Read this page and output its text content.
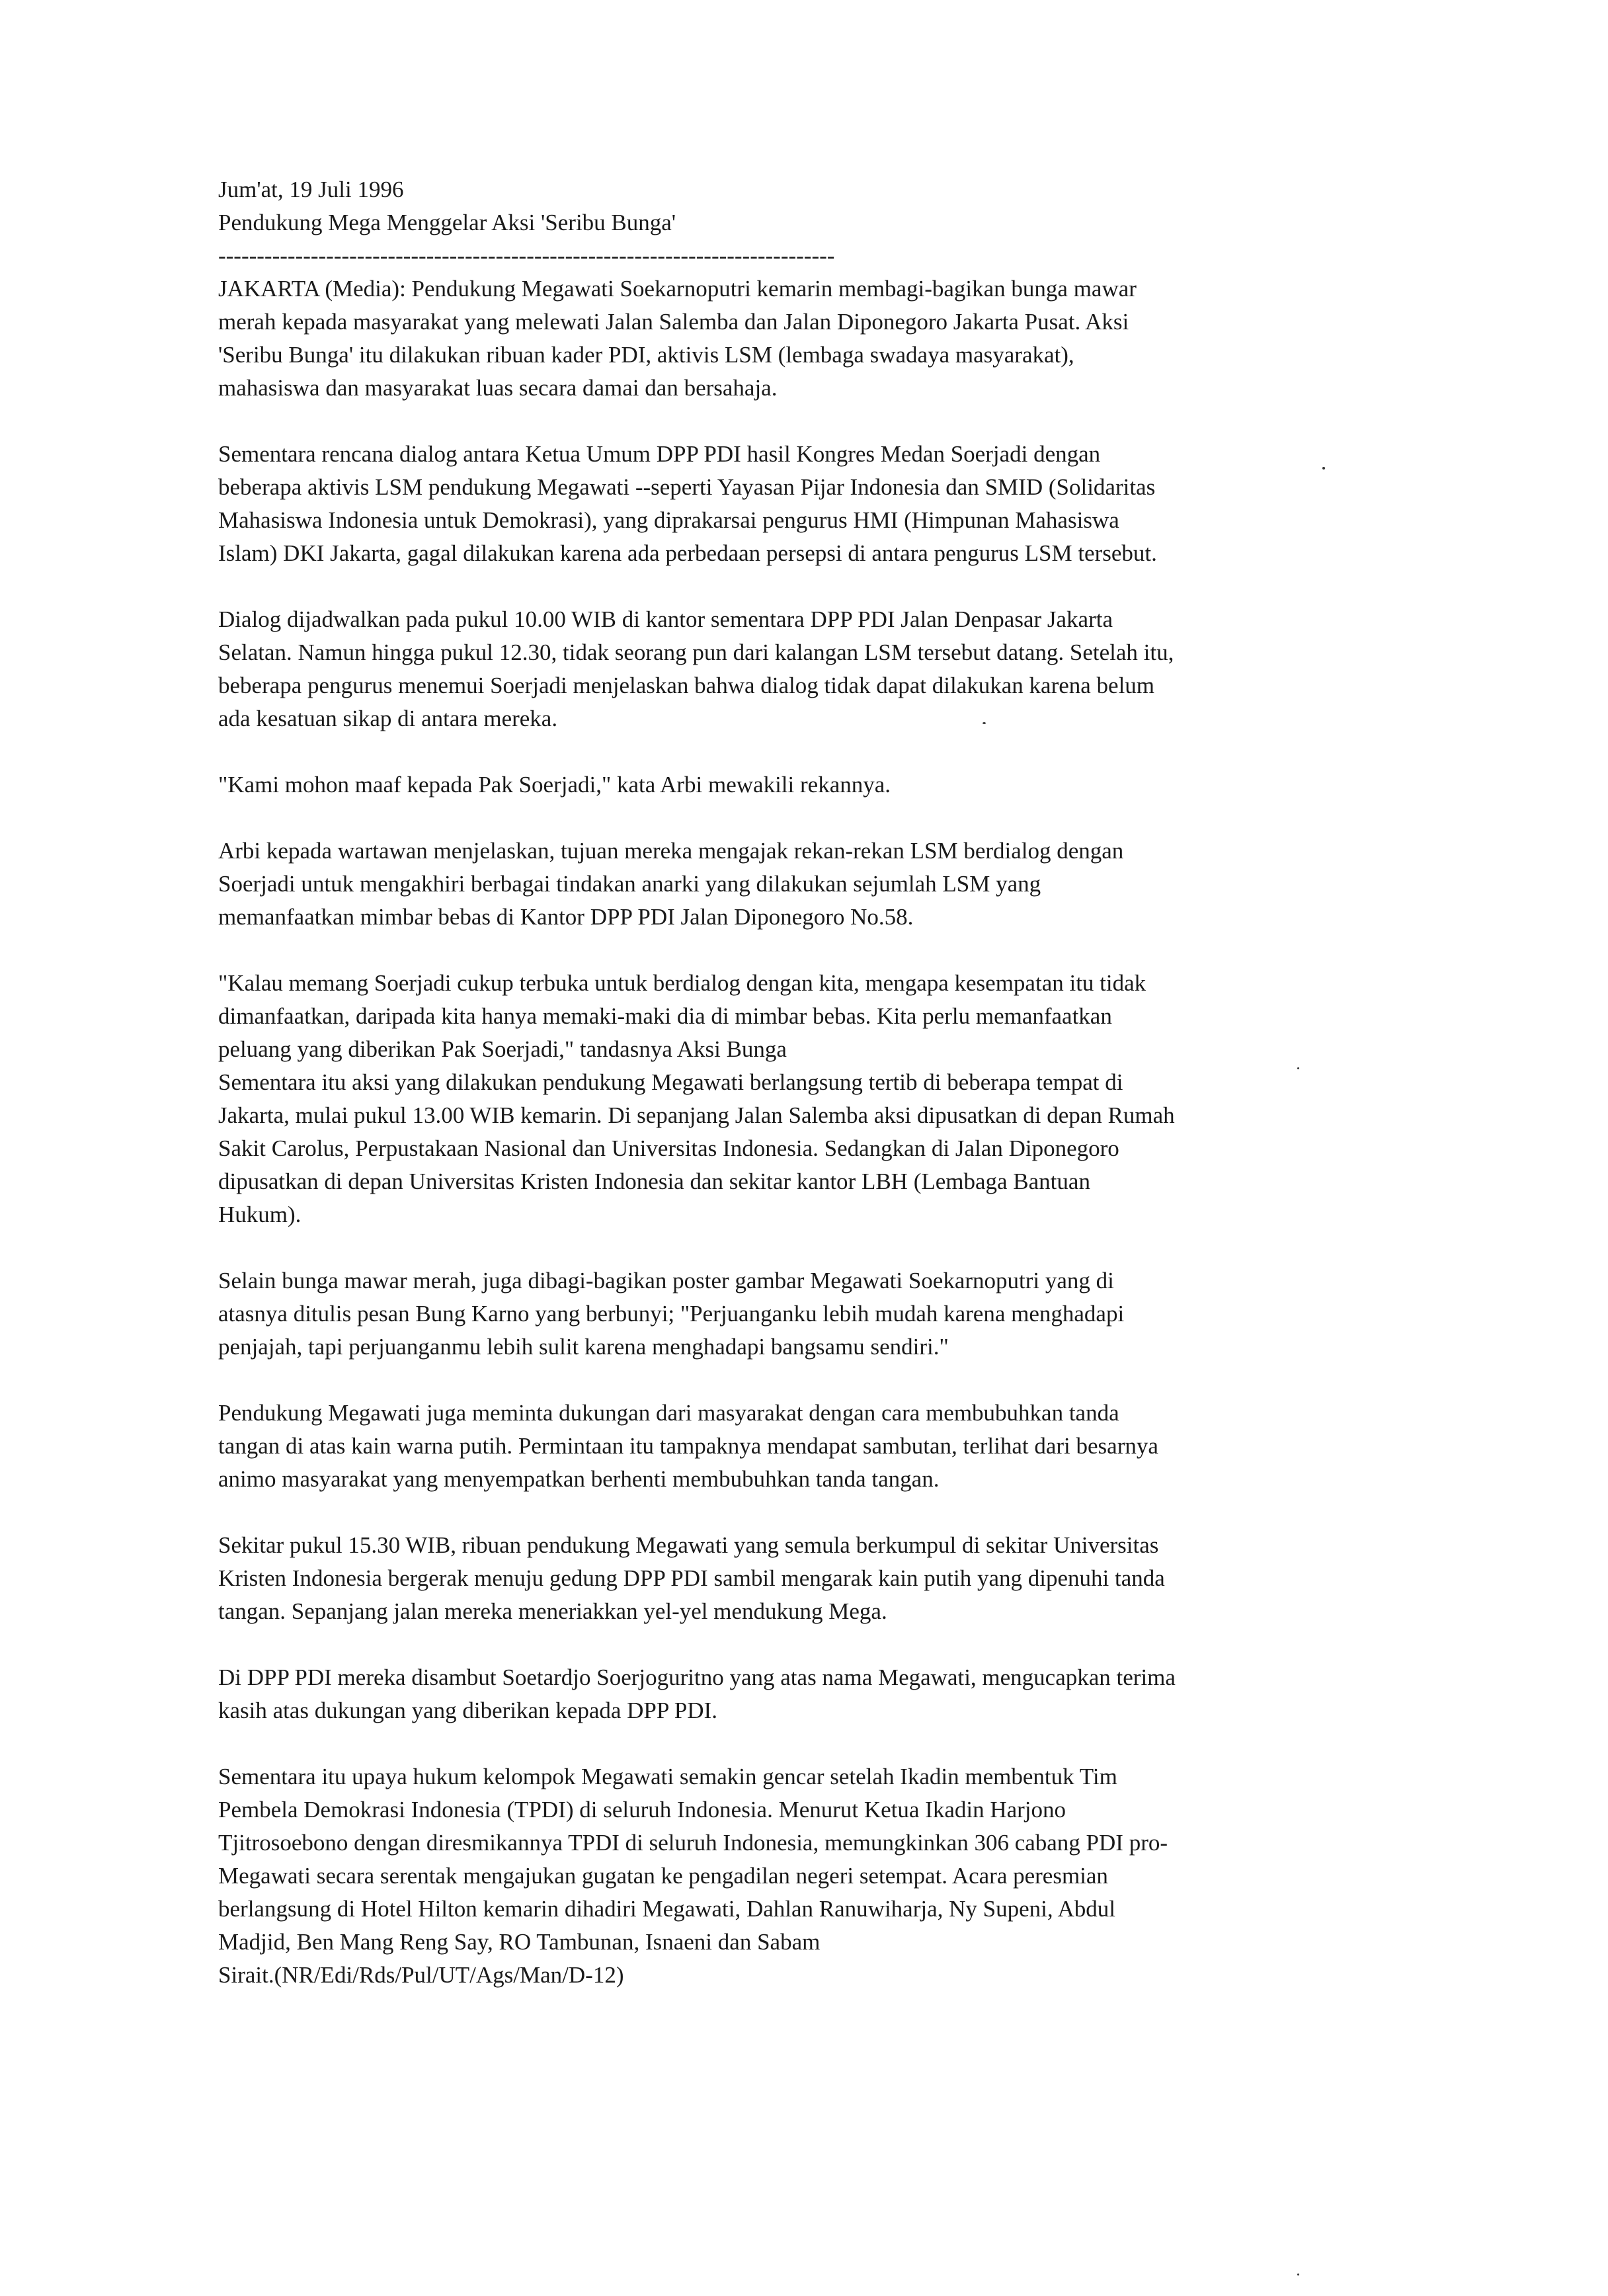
Jum'at, 19 Juli 1996

Pendukung Mega Menggelar Aksi 'Seribu Bunga'

--------------------------------------------------------------------------------

JAKARTA (Media): Pendukung Megawati Soekarnoputri kemarin membagi-bagikan bunga mawar
merah kepada masyarakat yang melewati Jalan Salemba dan Jalan Diponegoro Jakarta Pusat. Aksi
'Seribu Bunga' itu dilakukan ribuan kader PDI, aktivis LSM (lembaga swadaya masyarakat),
mahasiswa dan masyarakat luas secara damai dan bersahaja.

Sementara rencana dialog antara Ketua Umum DPP PDI hasil Kongres Medan Soerjadi dengan
beberapa aktivis LSM pendukung Megawati --seperti Yayasan Pijar Indonesia dan SMID (Solidaritas
Mahasiswa Indonesia untuk Demokrasi), yang diprakarsai pengurus HMI (Himpunan Mahasiswa
Islam) DKI Jakarta, gagal dilakukan karena ada perbedaan persepsi di antara pengurus LSM tersebut.

Dialog dijadwalkan pada pukul 10.00 WIB di kantor sementara DPP PDI Jalan Denpasar Jakarta
Selatan. Namun hingga pukul 12.30, tidak seorang pun dari kalangan LSM tersebut datang. Setelah itu,
beberapa pengurus menemui Soerjadi menjelaskan bahwa dialog tidak dapat dilakukan karena belum
ada kesatuan sikap di antara mereka.

"Kami mohon maaf kepada Pak Soerjadi," kata Arbi mewakili rekannya.

Arbi kepada wartawan menjelaskan, tujuan mereka mengajak rekan-rekan LSM berdialog dengan
Soerjadi untuk mengakhiri berbagai tindakan anarki yang dilakukan sejumlah LSM yang
memanfaatkan mimbar bebas di Kantor DPP PDI Jalan Diponegoro No.58.

"Kalau memang Soerjadi cukup terbuka untuk berdialog dengan kita, mengapa kesempatan itu tidak
dimanfaatkan, daripada kita hanya memaki-maki dia di mimbar bebas. Kita perlu memanfaatkan
peluang yang diberikan Pak Soerjadi," tandasnya Aksi Bunga

Sementara itu aksi yang dilakukan pendukung Megawati berlangsung tertib di beberapa tempat di
Jakarta, mulai pukul 13.00 WIB kemarin. Di sepanjang Jalan Salemba aksi dipusatkan di depan Rumah
Sakit Carolus, Perpustakaan Nasional dan Universitas Indonesia. Sedangkan di Jalan Diponegoro
dipusatkan di depan Universitas Kristen Indonesia dan sekitar kantor LBH (Lembaga Bantuan
Hukum).

Selain bunga mawar merah, juga dibagi-bagikan poster gambar Megawati Soekarnoputri yang di
atasnya ditulis pesan Bung Karno yang berbunyi; "Perjuanganku lebih mudah karena menghadapi
penjajah, tapi perjuanganmu lebih sulit karena menghadapi bangsamu sendiri."

Pendukung Megawati juga meminta dukungan dari masyarakat dengan cara membubuhkan tanda
tangan di atas kain warna putih. Permintaan itu tampaknya mendapat sambutan, terlihat dari besarnya
animo masyarakat yang menyempatkan berhenti membubuhkan tanda tangan.

Sekitar pukul 15.30 WIB, ribuan pendukung Megawati yang semula berkumpul di sekitar Universitas
Kristen Indonesia bergerak menuju gedung DPP PDI sambil mengarak kain putih yang dipenuhi tanda
tangan. Sepanjang jalan mereka meneriakkan yel-yel mendukung Mega.

Di DPP PDI mereka disambut Soetardjo Soerjoguritno yang atas nama Megawati, mengucapkan terima
kasih atas dukungan yang diberikan kepada DPP PDI.

Sementara itu upaya hukum kelompok Megawati semakin gencar setelah Ikadin membentuk Tim
Pembela Demokrasi Indonesia (TPDI) di seluruh Indonesia. Menurut Ketua Ikadin Harjono
Tjitrosoebono dengan diresmikannya TPDI di seluruh Indonesia, memungkinkan 306 cabang PDI pro-
Megawati secara serentak mengajukan gugatan ke pengadilan negeri setempat. Acara peresmian
berlangsung di Hotel Hilton kemarin dihadiri Megawati, Dahlan Ranuwiharja, Ny Supeni, Abdul
Madjid, Ben Mang Reng Say, RO Tambunan, Isnaeni dan Sabam
Sirait.(NR/Edi/Rds/Pul/UT/Ags/Man/D-12)
